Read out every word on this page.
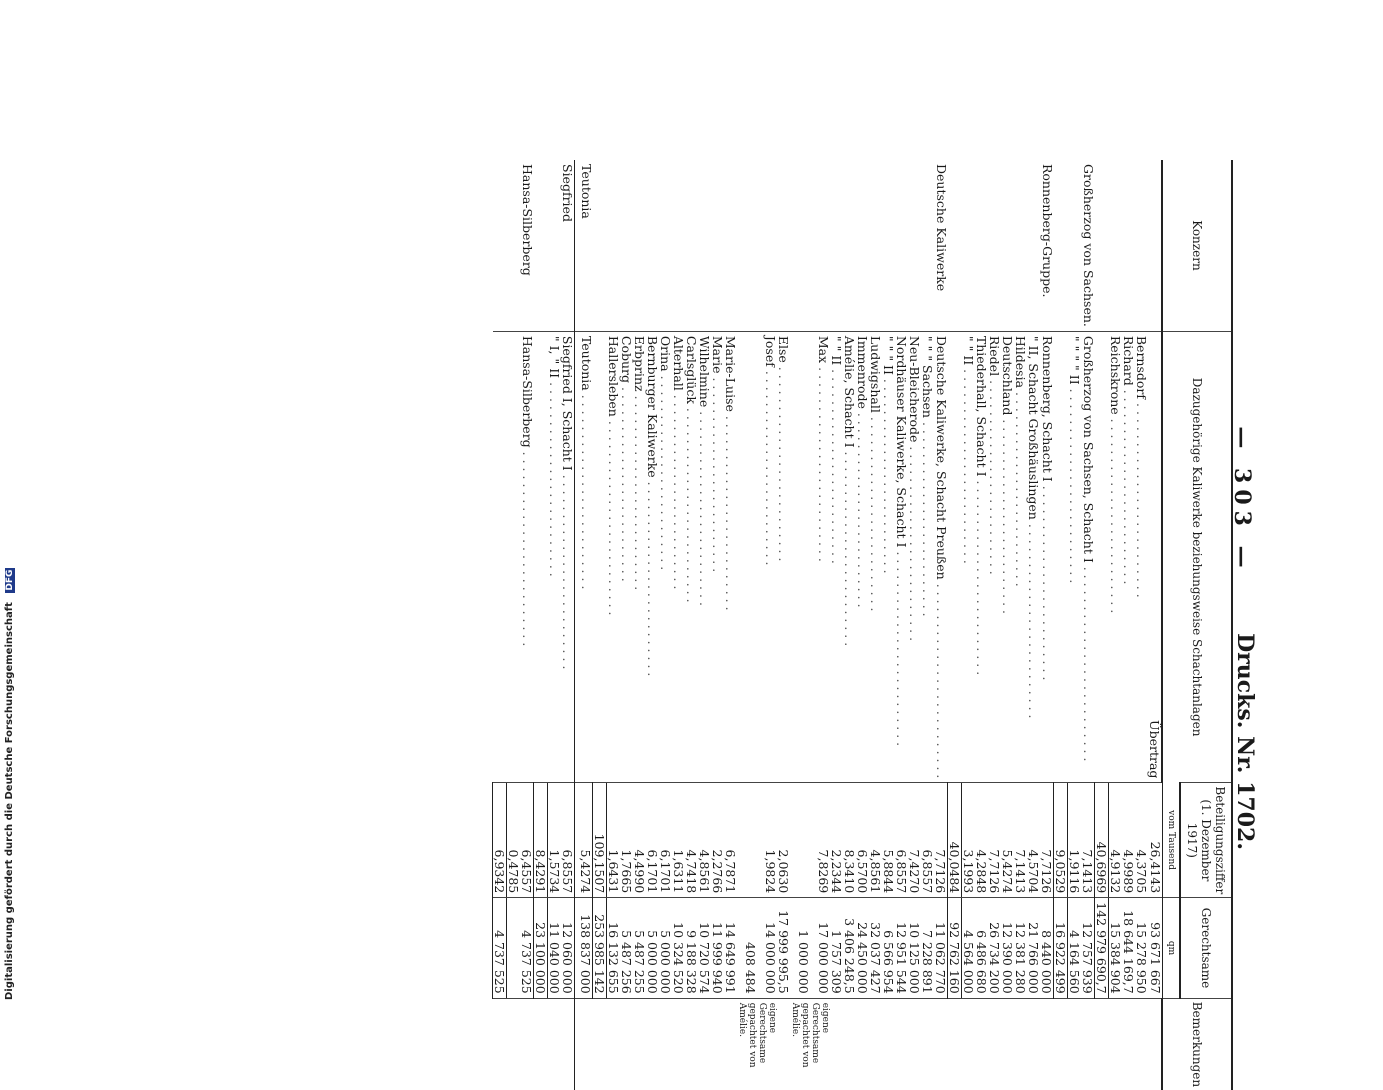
— 303 —
Drucks. Nr. 1702.
Konzern	Dazugehörige Kaliwerke beziehungsweise Schachtanlagen	Beteiligungsziffer (1. Dezember 1917)	Gerechtsame	Bemerkungen
		vom Tausend	qm	
	Übertrag	26,4143	93 671 667	
	Bernsdorf . . .	4,3705	15 278 950	
	Richard . . .	4,9989	18 644 169,7	
	Reichskrone . . .	4,9132	15 384 904	
		40,6969	142 979 690,7	
Großherzog von Sachsen.	Großherzog von Sachsen, Schacht I . . .	7,1413	12 757 939	
	" " " " II . . .	1,9116	4 164 560	
		9,0529	16 922 499	
Ronnenberg-Gruppe.	Ronnenberg, Schacht I . . .	7,7126	8 440 000	
	" II, Schacht Großhäuslingen . . .	4,5704	21 766 000	
	Hildesia . . .	7,1413	12 381 280	
	Deutschland . . .	5,4274	12 390 000	
	Riedel . . .	7,7126	26 734 200	
	Thiederhall, Schacht I . . .	4,2848	6 486 680	
	" " II . . .	3,1993	4 564 000	
		40,0484	92 762 160	
Deutsche Kaliwerke	Deutsche Kaliwerke, Schacht Preußen . . .	7,7126	11 062 770	
	" " " Sachsen . . .	6,8557	7 228 891	
	Neu-Bleicherode . . .	7,4270	10 125 000	
	Nordhäuser Kaliwerke, Schacht I . . .	6,8557	12 951 544	
	" " " II . . .	5,8844	6 566 954	
	Ludwigshall . . .	4,8561	32 037 427	
	Immenrode . . .	6,5700	24 450 000	
	Amélie, Schacht I . . .	8,3410	3 406 248,5	
	" " II . . .	2,2344	1 757 309	
	Max . . .	7,8269	17 000 000	eigene Gerechtsame
			1 000 000	gepachtet von Amélie.
	Else . . .	2,0630	17 999 995,5	
	Josef . . .	1,9824	14 000 000	eigene Gerechtsame
			408 484	gepachtet von Amélie.
	Marie-Luise . . .	6,7871	14 649 991	
	Marie . . .	2,2766	11 999 940	
	Wilhelmine . . .	4,8561	10 720 574	
	Carlsglück . . .	4,7418	9 188 328	
	Alterhall . . .	1,6311	10 324 520	
	Orina . . .	6,1701	5 000 000	
	Bernburger Kaliwerke . . .	6,1701	5 000 000	
	Erbprinz . . .	4,4990	5 487 255	
	Coburg . . .	1,7665	5 487 256	
	Hallersleben . . .	1,6431	16 132 655	
		109,1507	253 985 142	
Teutonia	Teutonia . . .	5,4274	138 837 000	

Siegfried	Siegfried I, Schacht I . . .	6,8557	12 060 000	
	" I, " II . . .	1,5734	11 040 000	
		8,4291	23 100 000	
Hansa-Silberberg	Hansa-Silberberg . . .	6,4557	4 737 525	
		0,4785		
		6,9342	4 737 525	
Digitalisierung gefördert durch die Deutsche Forschungsgemeinschaft DFG
